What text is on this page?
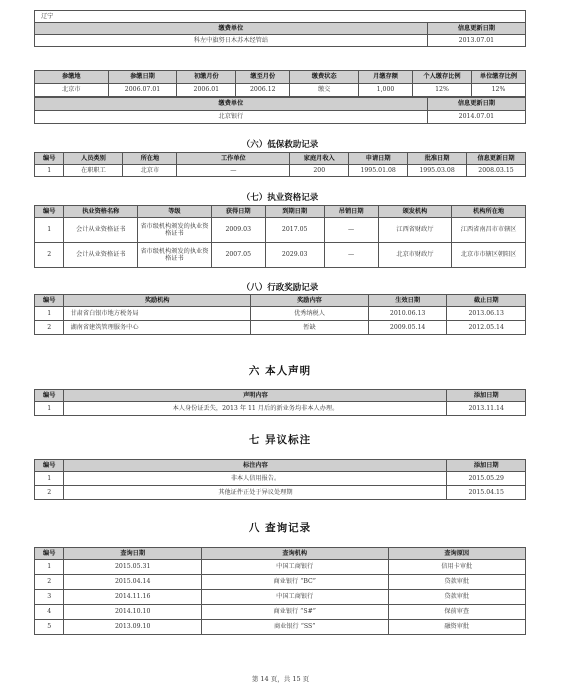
辽宁
缴费单位	信息更新日期
科左中旗努日木苏木经管站	2013.07.01
参缴地	参缴日期	初缴月份	缴至月份	缴费状态	月缴存额	个人缴存比例	单位缴存比例
北京市	2006.07.01	2006.01	2006.12	缴交	1,000	12%	12%
缴费单位	信息更新日期
北京银行	2014.07.01
（六）低保救助记录
编号	人员类别	所在地	工作单位	家庭月收入	申请日期	批准日期	信息更新日期
1	在职职工	北京市	—	200	1995.01.08	1995.03.08	2008.03.15
（七）执业资格记录
编号	执业资格名称	等级	获得日期	到期日期	吊销日期	颁发机构	机构所在地
1	会计从业资格证书	省市级机构颁发的执业资格证书	2009.03	2017.05	—	江西省财政厅	江西省南昌市市辖区
2	会计从业资格证书	省市级机构颁发的执业资格证书	2007.05	2029.03	—	北京市财政厅	北京市市辖区朝阳区
（八）行政奖励记录
编号	奖励机构	奖励内容	生效日期	截止日期
1	甘肃省白银市地方税务局	优秀纳税人	2010.06.13	2013.06.13
2	湖南省建筑管理服务中心	暂缺	2009.05.14	2012.05.14
六 本人声明
编号	声明内容	添加日期
1	本人身份证丢失，2013 年 11 月后的新业务均非本人办理。	2013.11.14
七 异议标注
编号	标注内容	添加日期
1	非本人信用报告。	2015.05.29
2	其他证件正处于异议处理期	2015.04.15
八 查询记录
编号	查询日期	查询机构	查询原因
1	2015.05.31	中国工商银行	信用卡审批
2	2015.04.14	商业银行 “BC”	贷款审批
3	2014.11.16	中国工商银行	贷款审批
4	2014.10.10	商业银行 “S#”	保前审查
5	2013.09.10	商业银行 “SS”	融资审批
第 14 页，共 15 页
